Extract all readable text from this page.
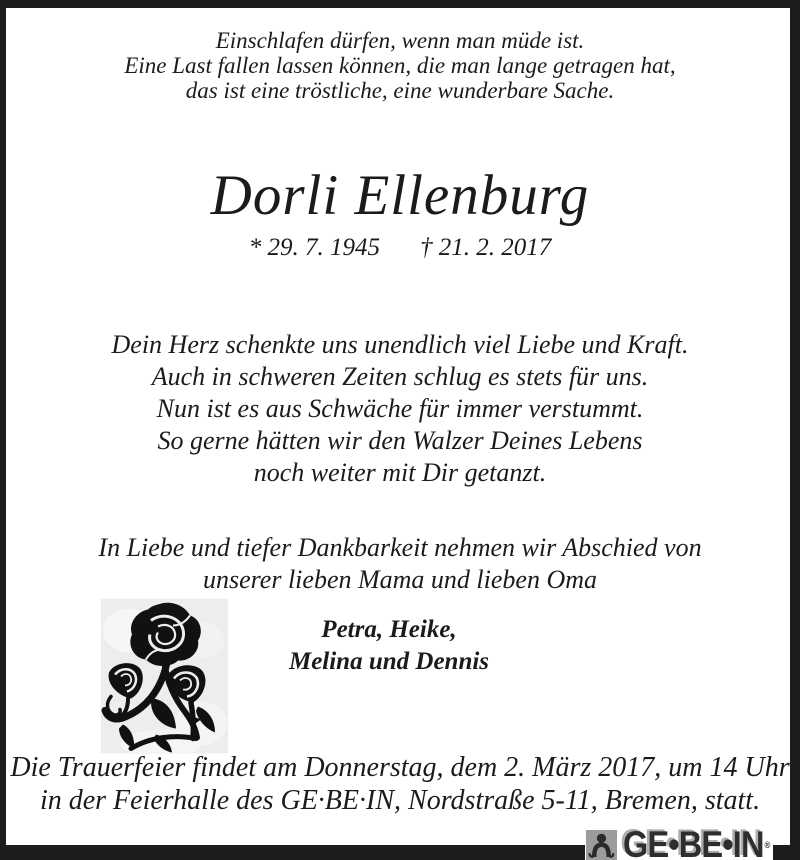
Einschlafen dürfen, wenn man müde ist.
Eine Last fallen lassen können, die man lange getragen hat,
das ist eine tröstliche, eine wunderbare Sache.
Dorli Ellenburg
* 29. 7. 1945 † 21. 2. 2017
Dein Herz schenkte uns unendlich viel Liebe und Kraft.
Auch in schweren Zeiten schlug es stets für uns.
Nun ist es aus Schwäche für immer verstummt.
So gerne hätten wir den Walzer Deines Lebens
noch weiter mit Dir getanzt.
In Liebe und tiefer Dankbarkeit nehmen wir Abschied von
unserer lieben Mama und lieben Oma
Petra, Heike,
Melina und Dennis
Die Trauerfeier findet am Donnerstag, dem 2. März 2017, um 14 Uhr
in der Feierhalle des GE·BE·IN, Nordstraße 5-11, Bremen, statt.
GE•BE•IN®
